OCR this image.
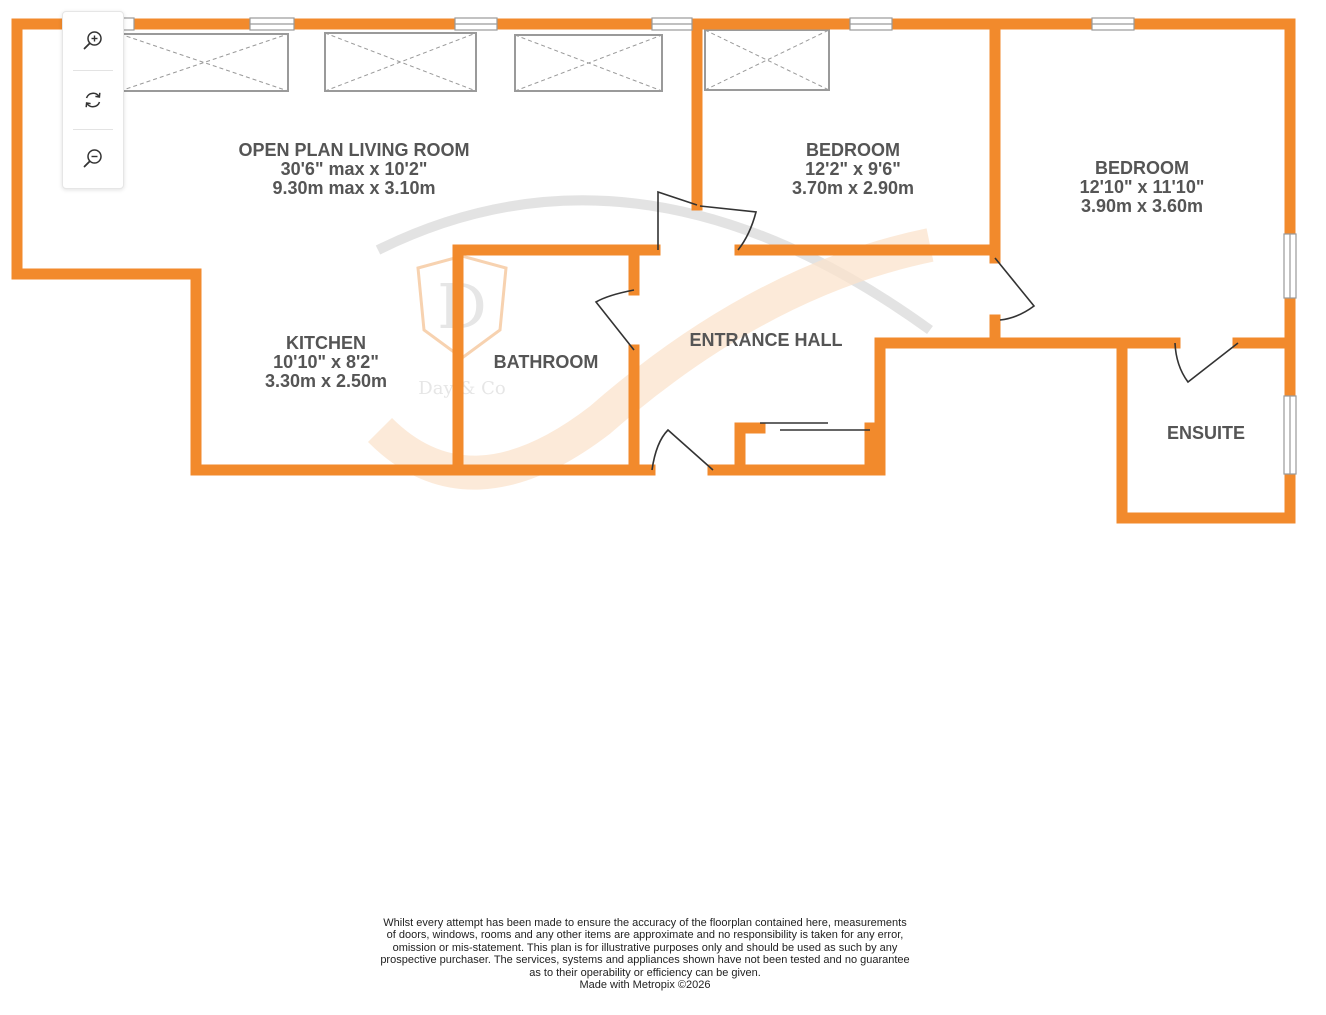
D
Day & Co
OPEN PLAN LIVING ROOM
30'6" max x 10'2"
9.30m max x 3.10m
BEDROOM
12'2" x 9'6"
3.70m x 2.90m
BEDROOM
12'10" x 11'10"
3.90m x 3.60m
KITCHEN
10'10" x 8'2"
3.30m x 2.50m
BATHROOM
ENTRANCE HALL
ENSUITE
Whilst every attempt has been made to ensure the accuracy of the floorplan contained here, measurements
of doors, windows, rooms and any other items are approximate and no responsibility is taken for any error,
omission or mis-statement. This plan is for illustrative purposes only and should be used as such by any
prospective purchaser. The services, systems and appliances shown have not been tested and no guarantee
as to their operability or efficiency can be given.
Made with Metropix ©2026
